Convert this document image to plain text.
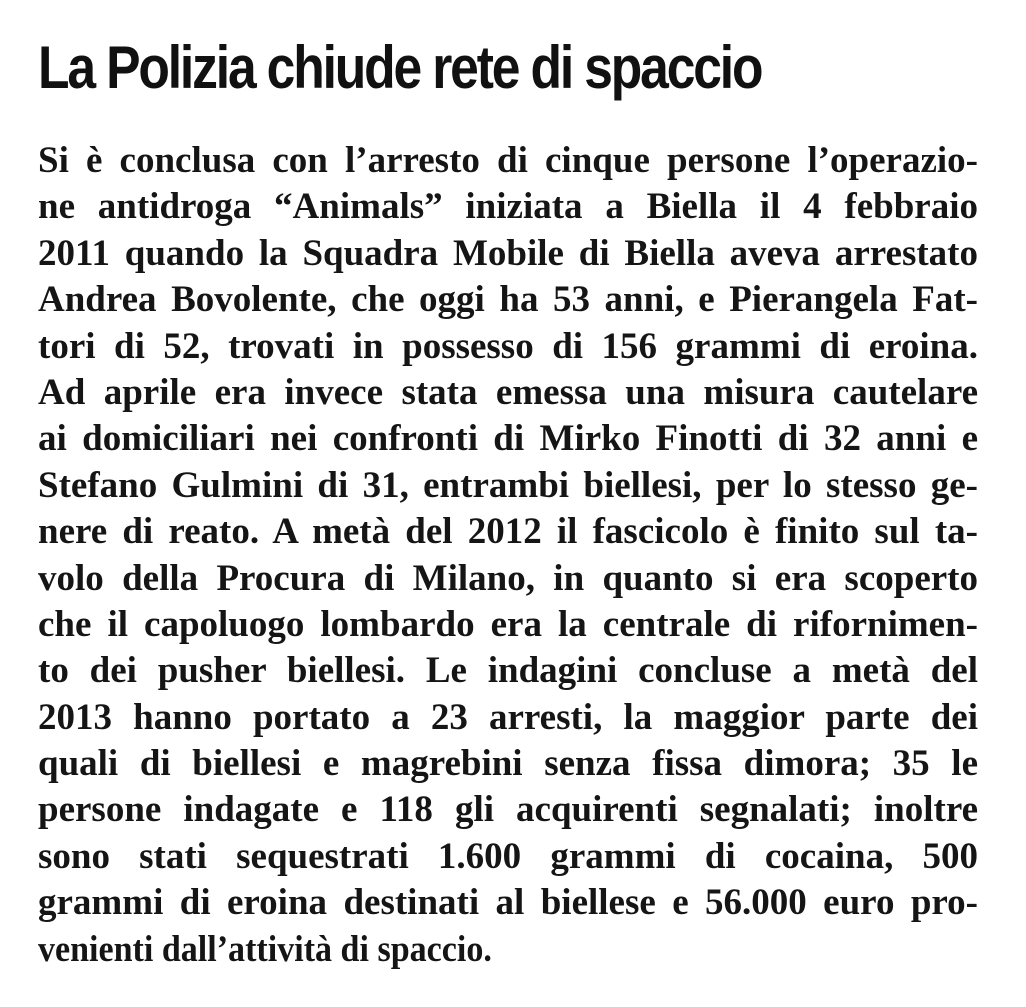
La Polizia chiude rete di spaccio
Si è conclusa con l’arresto di cinque persone l’operazio-
ne antidroga “Animals” iniziata a Biella il 4 febbraio
2011 quando la Squadra Mobile di Biella aveva arrestato
Andrea Bovolente, che oggi ha 53 anni, e Pierangela Fat-
tori di 52, trovati in possesso di 156 grammi di eroina.
Ad aprile era invece stata emessa una misura cautelare
ai domiciliari nei confronti di Mirko Finotti di 32 anni e
Stefano Gulmini di 31, entrambi biellesi, per lo stesso ge-
nere di reato. A metà del 2012 il fascicolo è finito sul ta-
volo della Procura di Milano, in quanto si era scoperto
che il capoluogo lombardo era la centrale di rifornimen-
to dei pusher biellesi. Le indagini concluse a metà del
2013 hanno portato a 23 arresti, la maggior parte dei
quali di biellesi e magrebini senza fissa dimora; 35 le
persone indagate e 118 gli acquirenti segnalati; inoltre
sono stati sequestrati 1.600 grammi di cocaina, 500
grammi di eroina destinati al biellese e 56.000 euro pro-
venienti dall’attività di spaccio.
